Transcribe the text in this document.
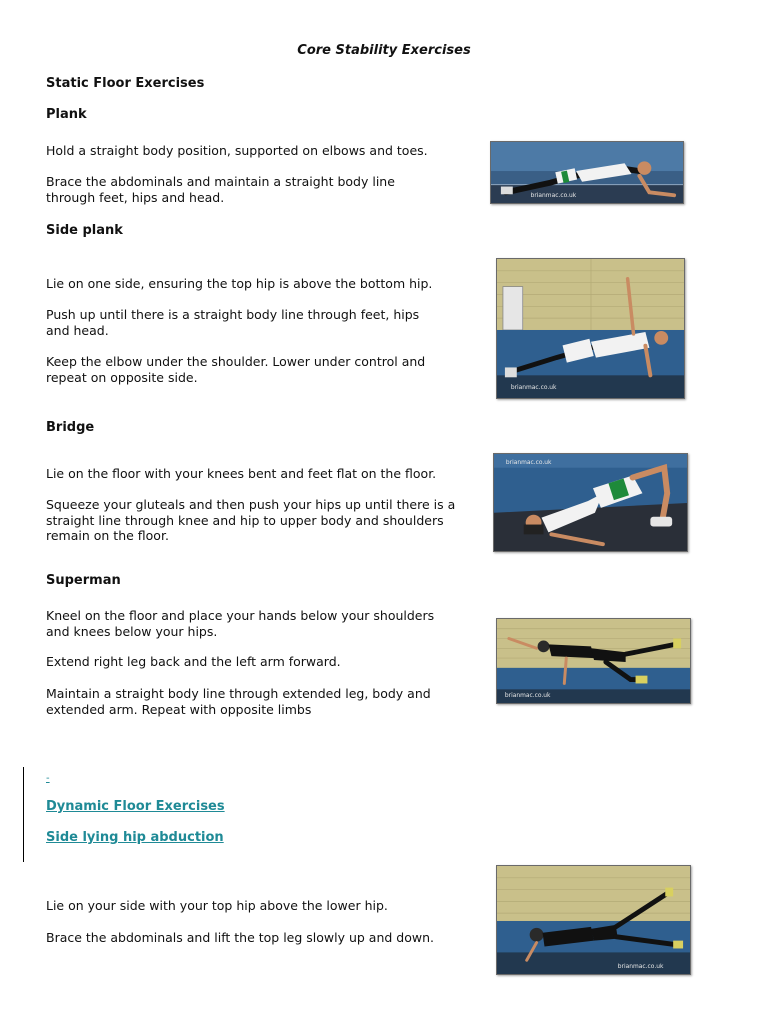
Core Stability Exercises
Static Floor Exercises
Plank
Hold a straight body position, supported on elbows and toes.
Brace the abdominals and maintain a straight body line through feet, hips and head.	brianmac.co.uk
Side plank
Lie on one side, ensuring the top hip is above the bottom hip.
Push up until there is a straight body line through feet, hips and head.
Keep the elbow under the shoulder. Lower under control and repeat on opposite side.
brianmac.co.uk
Bridge
Lie on the floor with your knees bent and feet flat on the floor.
Squeeze your gluteals and then push your hips up until there is a straight line through knee and hip to upper body and shoulders remain on the floor.
brianmac.co.uk
Superman
Kneel on the floor and place your hands below your shoulders and knees below your hips.
Extend right leg back and the left arm forward.
Maintain a straight body line through extended leg, body and extended arm. Repeat with opposite limbs
brianmac.co.uk
-
Dynamic Floor Exercises
Side lying hip abduction
Lie on your side with your top hip above the lower hip.
Brace the abdominals and lift the top leg slowly up and down.
brianmac.co.uk
